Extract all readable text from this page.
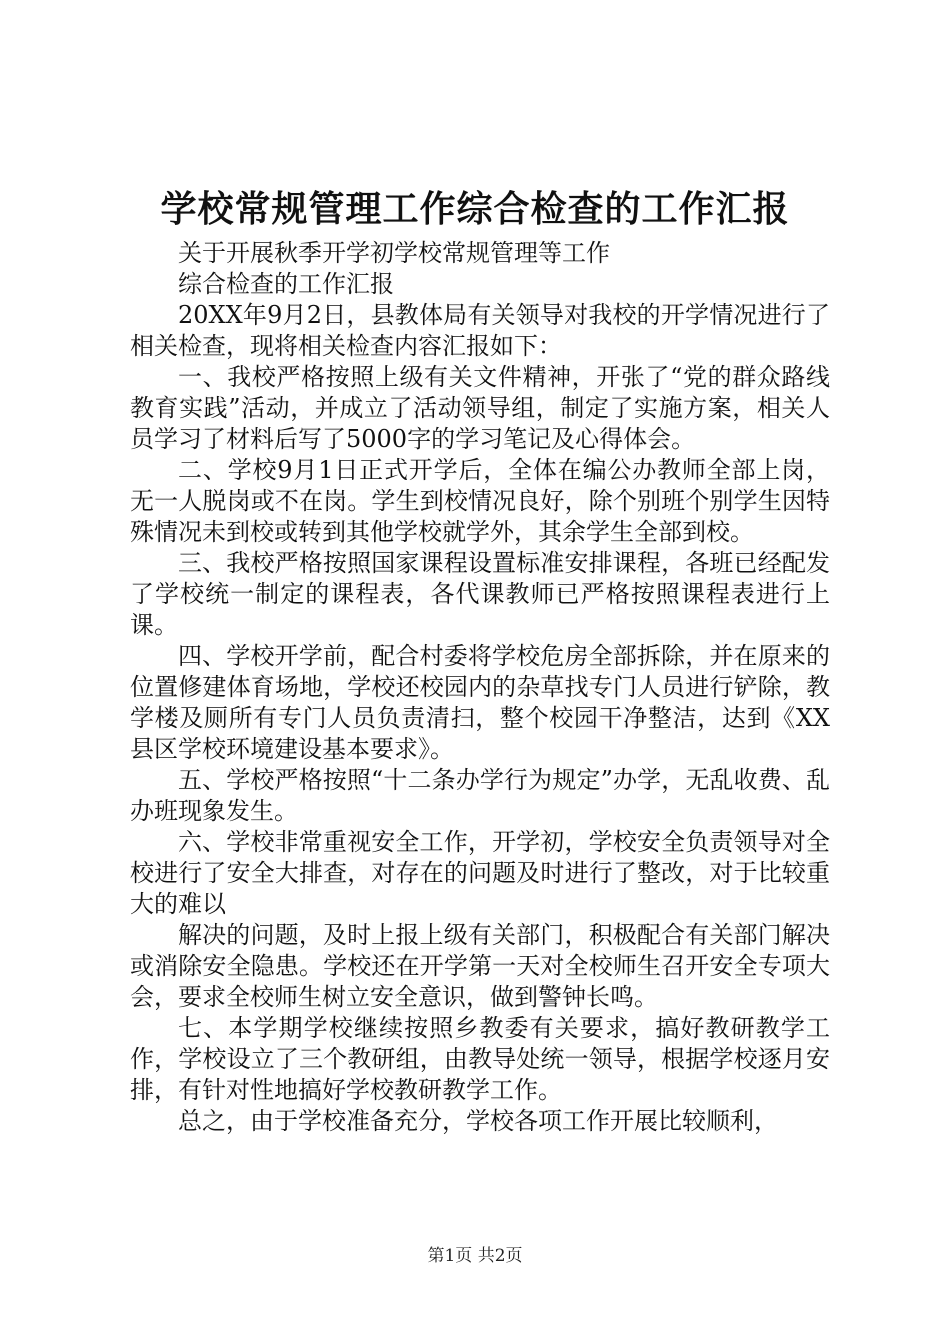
学校常规管理工作综合检查的工作汇报

关于开展秋季开学初学校常规管理等工作

综合检查的工作汇报

20XX年9月2日，县教体局有关领导对我校的开学情况进行了相关检查，现将相关检查内容汇报如下：

一、我校严格按照上级有关文件精神，开张了“党的群众路线教育实践”活动，并成立了活动领导组，制定了实施方案，相关人员学习了材料后写了5000字的学习笔记及心得体会。

二、学校9月1日正式开学后，全体在编公办教师全部上岗，无一人脱岗或不在岗。学生到校情况良好，除个别班个别学生因特殊情况未到校或转到其他学校就学外，其余学生全部到校。

三、我校严格按照国家课程设置标准安排课程，各班已经配发了学校统一制定的课程表，各代课教师已严格按照课程表进行上课。

四、学校开学前，配合村委将学校危房全部拆除，并在原来的位置修建体育场地，学校还校园内的杂草找专门人员进行铲除，教学楼及厕所有专门人员负责清扫，整个校园干净整洁，达到《XX县区学校环境建设基本要求》。

五、学校严格按照“十二条办学行为规定”办学，无乱收费、乱办班现象发生。

六、学校非常重视安全工作，开学初，学校安全负责领导对全校进行了安全大排查，对存在的问题及时进行了整改，对于比较重大的难以

解决的问题，及时上报上级有关部门，积极配合有关部门解决或消除安全隐患。学校还在开学第一天对全校师生召开安全专项大会，要求全校师生树立安全意识，做到警钟长鸣。

七、本学期学校继续按照乡教委有关要求，搞好教研教学工作，学校设立了三个教研组，由教导处统一领导，根据学校逐月安排，有针对性地搞好学校教研教学工作。

总之，由于学校准备充分，学校各项工作开展比较顺利，

第1页 共2页
